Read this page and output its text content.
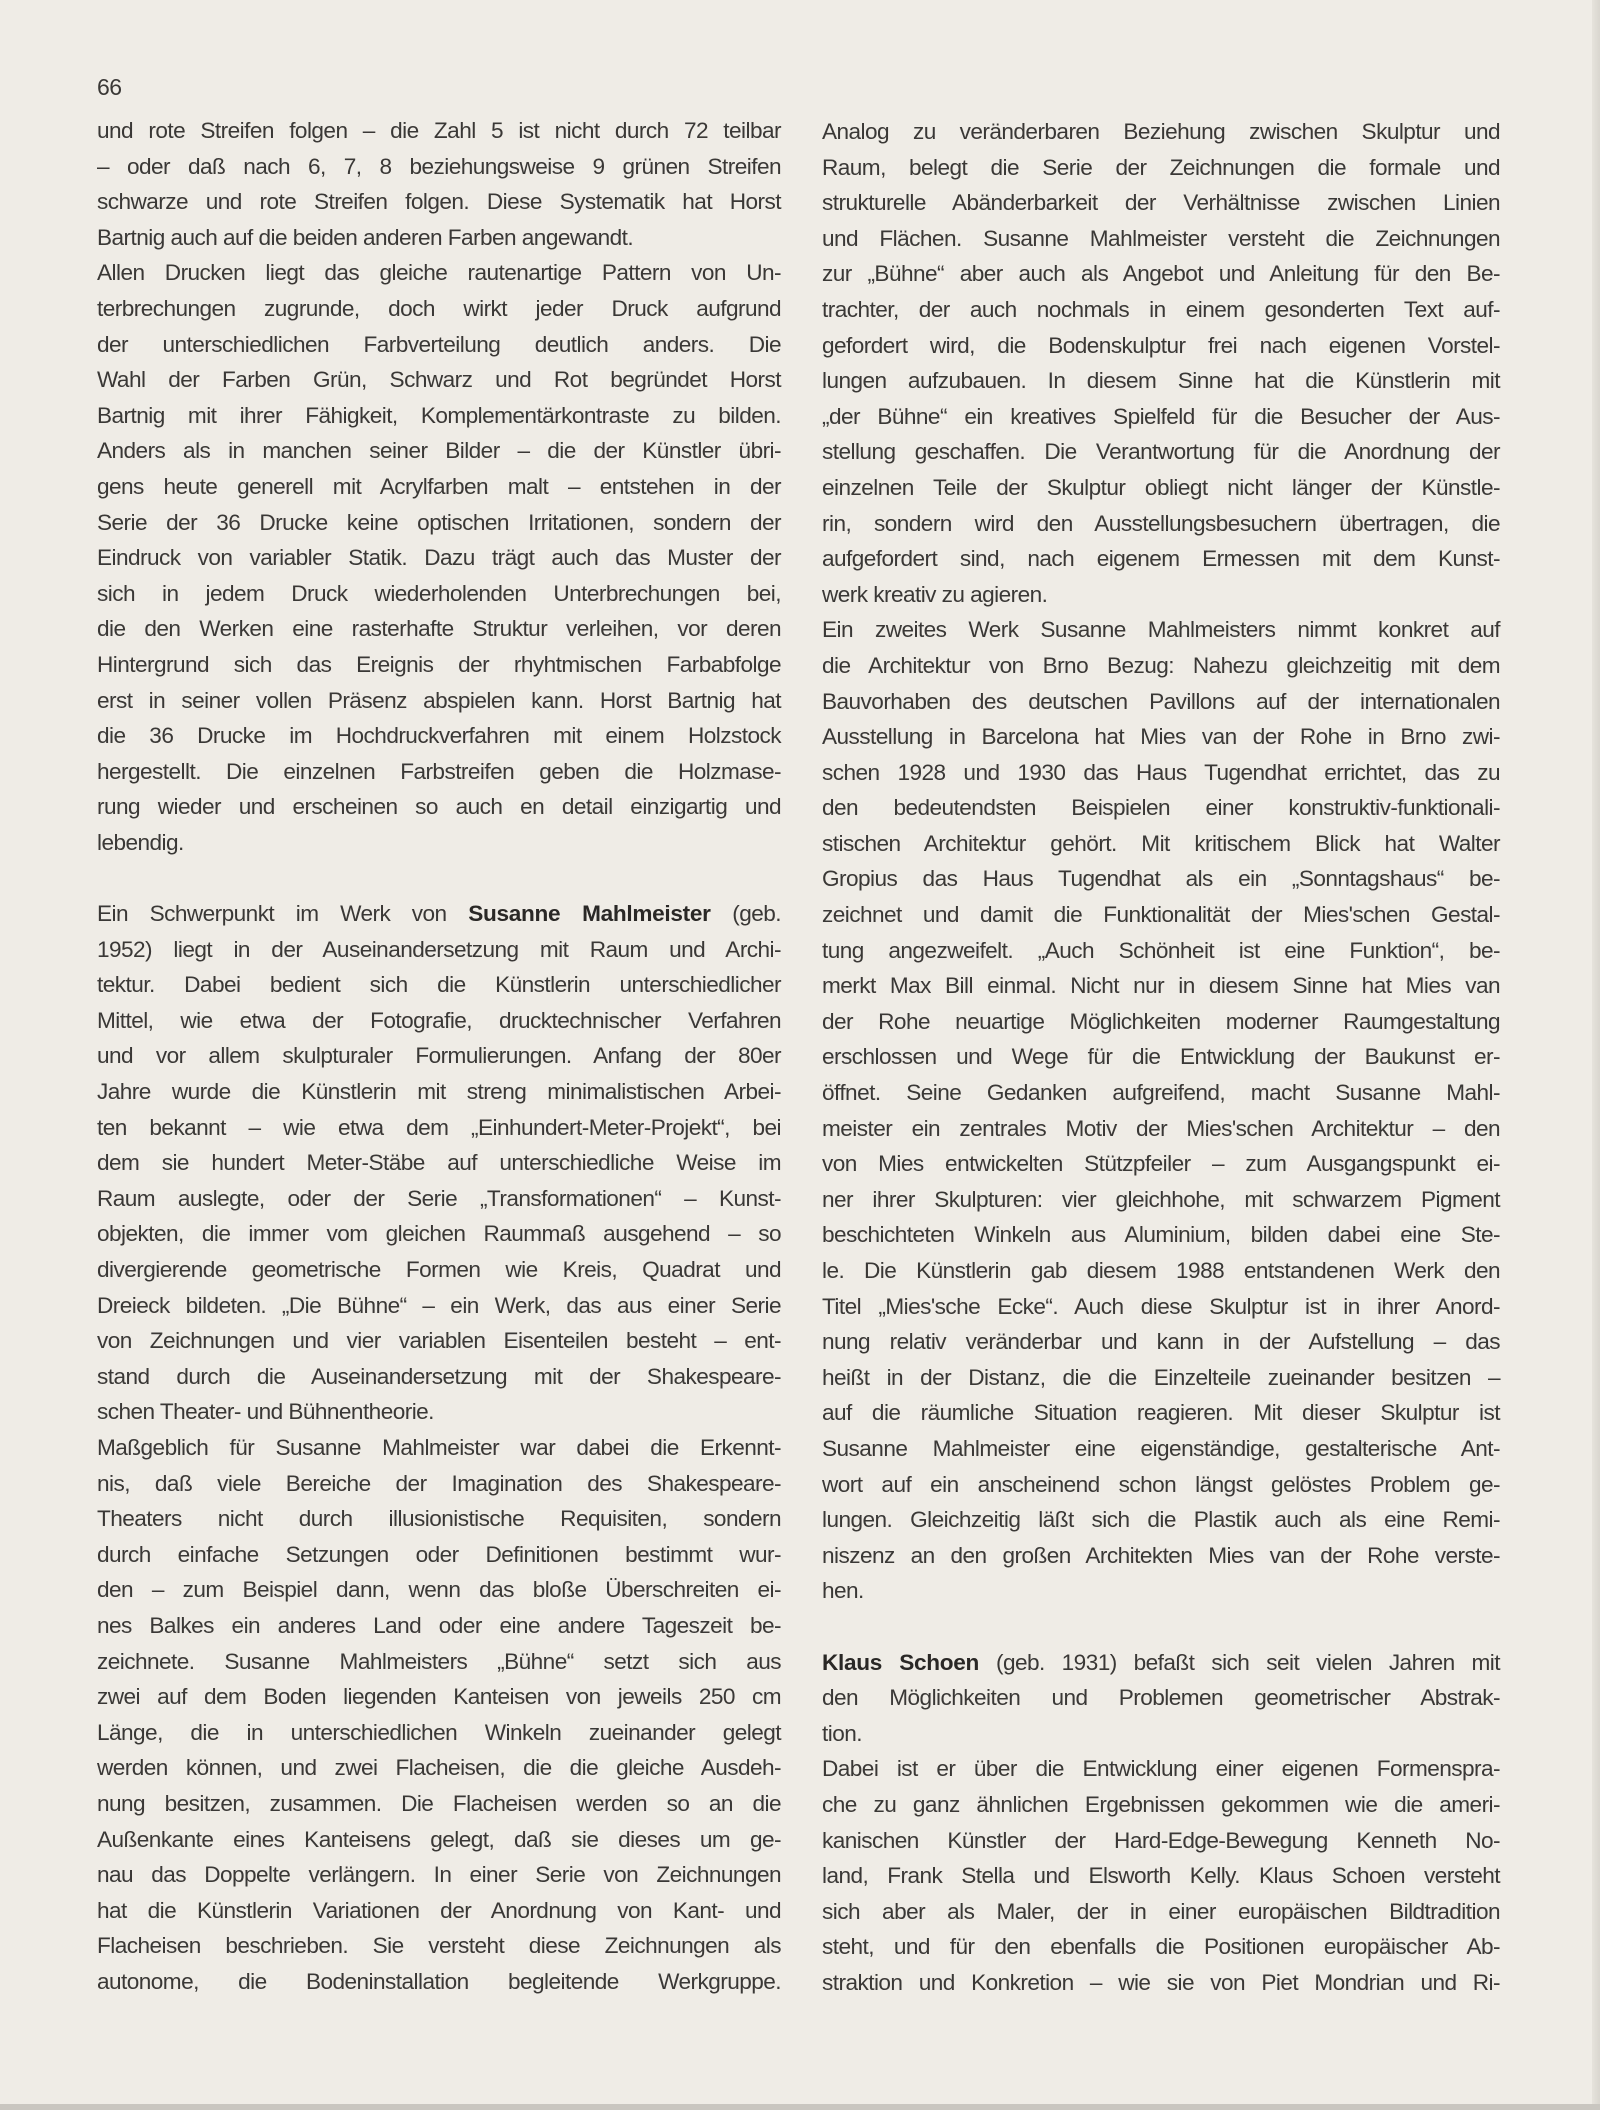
66
und rote Streifen folgen – die Zahl 5 ist nicht durch 72 teilbar
– oder daß nach 6, 7, 8 beziehungsweise 9 grünen Streifen
schwarze und rote Streifen folgen. Diese Systematik hat Horst
Bartnig auch auf die beiden anderen Farben angewandt.
Allen Drucken liegt das gleiche rautenartige Pattern von Un-
terbrechungen zugrunde, doch wirkt jeder Druck aufgrund
der unterschiedlichen Farbverteilung deutlich anders. Die
Wahl der Farben Grün, Schwarz und Rot begründet Horst
Bartnig mit ihrer Fähigkeit, Komplementärkontraste zu bilden.
Anders als in manchen seiner Bilder – die der Künstler übri-
gens heute generell mit Acrylfarben malt – entstehen in der
Serie der 36 Drucke keine optischen Irritationen, sondern der
Eindruck von variabler Statik. Dazu trägt auch das Muster der
sich in jedem Druck wiederholenden Unterbrechungen bei,
die den Werken eine rasterhafte Struktur verleihen, vor deren
Hintergrund sich das Ereignis der rhyhtmischen Farbabfolge
erst in seiner vollen Präsenz abspielen kann. Horst Bartnig hat
die 36 Drucke im Hochdruckverfahren mit einem Holzstock
hergestellt. Die einzelnen Farbstreifen geben die Holzmase-
rung wieder und erscheinen so auch en detail einzigartig und
lebendig.
Ein Schwerpunkt im Werk von Susanne Mahlmeister (geb.
1952) liegt in der Auseinandersetzung mit Raum und Archi-
tektur. Dabei bedient sich die Künstlerin unterschiedlicher
Mittel, wie etwa der Fotografie, drucktechnischer Verfahren
und vor allem skulpturaler Formulierungen. Anfang der 80er
Jahre wurde die Künstlerin mit streng minimalistischen Arbei-
ten bekannt – wie etwa dem „Einhundert-Meter-Projekt“, bei
dem sie hundert Meter-Stäbe auf unterschiedliche Weise im
Raum auslegte, oder der Serie „Transformationen“ – Kunst-
objekten, die immer vom gleichen Raummaß ausgehend – so
divergierende geometrische Formen wie Kreis, Quadrat und
Dreieck bildeten. „Die Bühne“ – ein Werk, das aus einer Serie
von Zeichnungen und vier variablen Eisenteilen besteht – ent-
stand durch die Auseinandersetzung mit der Shakespeare-
schen Theater- und Bühnentheorie.
Maßgeblich für Susanne Mahlmeister war dabei die Erkennt-
nis, daß viele Bereiche der Imagination des Shakespeare-
Theaters nicht durch illusionistische Requisiten, sondern
durch einfache Setzungen oder Definitionen bestimmt wur-
den – zum Beispiel dann, wenn das bloße Überschreiten ei-
nes Balkes ein anderes Land oder eine andere Tageszeit be-
zeichnete. Susanne Mahlmeisters „Bühne“ setzt sich aus
zwei auf dem Boden liegenden Kanteisen von jeweils 250 cm
Länge, die in unterschiedlichen Winkeln zueinander gelegt
werden können, und zwei Flacheisen, die die gleiche Ausdeh-
nung besitzen, zusammen. Die Flacheisen werden so an die
Außenkante eines Kanteisens gelegt, daß sie dieses um ge-
nau das Doppelte verlängern. In einer Serie von Zeichnungen
hat die Künstlerin Variationen der Anordnung von Kant- und
Flacheisen beschrieben. Sie versteht diese Zeichnungen als
autonome, die Bodeninstallation begleitende Werkgruppe.
Analog zu veränderbaren Beziehung zwischen Skulptur und
Raum, belegt die Serie der Zeichnungen die formale und
strukturelle Abänderbarkeit der Verhältnisse zwischen Linien
und Flächen. Susanne Mahlmeister versteht die Zeichnungen
zur „Bühne“ aber auch als Angebot und Anleitung für den Be-
trachter, der auch nochmals in einem gesonderten Text auf-
gefordert wird, die Bodenskulptur frei nach eigenen Vorstel-
lungen aufzubauen. In diesem Sinne hat die Künstlerin mit
„der Bühne“ ein kreatives Spielfeld für die Besucher der Aus-
stellung geschaffen. Die Verantwortung für die Anordnung der
einzelnen Teile der Skulptur obliegt nicht länger der Künstle-
rin, sondern wird den Ausstellungsbesuchern übertragen, die
aufgefordert sind, nach eigenem Ermessen mit dem Kunst-
werk kreativ zu agieren.
Ein zweites Werk Susanne Mahlmeisters nimmt konkret auf
die Architektur von Brno Bezug: Nahezu gleichzeitig mit dem
Bauvorhaben des deutschen Pavillons auf der internationalen
Ausstellung in Barcelona hat Mies van der Rohe in Brno zwi-
schen 1928 und 1930 das Haus Tugendhat errichtet, das zu
den bedeutendsten Beispielen einer konstruktiv-funktionali-
stischen Architektur gehört. Mit kritischem Blick hat Walter
Gropius das Haus Tugendhat als ein „Sonntagshaus“ be-
zeichnet und damit die Funktionalität der Mies'schen Gestal-
tung angezweifelt. „Auch Schönheit ist eine Funktion“, be-
merkt Max Bill einmal. Nicht nur in diesem Sinne hat Mies van
der Rohe neuartige Möglichkeiten moderner Raumgestaltung
erschlossen und Wege für die Entwicklung der Baukunst er-
öffnet. Seine Gedanken aufgreifend, macht Susanne Mahl-
meister ein zentrales Motiv der Mies'schen Architektur – den
von Mies entwickelten Stützpfeiler – zum Ausgangspunkt ei-
ner ihrer Skulpturen: vier gleichhohe, mit schwarzem Pigment
beschichteten Winkeln aus Aluminium, bilden dabei eine Ste-
le. Die Künstlerin gab diesem 1988 entstandenen Werk den
Titel „Mies'sche Ecke“. Auch diese Skulptur ist in ihrer Anord-
nung relativ veränderbar und kann in der Aufstellung – das
heißt in der Distanz, die die Einzelteile zueinander besitzen –
auf die räumliche Situation reagieren. Mit dieser Skulptur ist
Susanne Mahlmeister eine eigenständige, gestalterische Ant-
wort auf ein anscheinend schon längst gelöstes Problem ge-
lungen. Gleichzeitig läßt sich die Plastik auch als eine Remi-
niszenz an den großen Architekten Mies van der Rohe verste-
hen.
Klaus Schoen (geb. 1931) befaßt sich seit vielen Jahren mit
den Möglichkeiten und Problemen geometrischer Abstrak-
tion.
Dabei ist er über die Entwicklung einer eigenen Formenspra-
che zu ganz ähnlichen Ergebnissen gekommen wie die ameri-
kanischen Künstler der Hard-Edge-Bewegung Kenneth No-
land, Frank Stella und Elsworth Kelly. Klaus Schoen versteht
sich aber als Maler, der in einer europäischen Bildtradition
steht, und für den ebenfalls die Positionen europäischer Ab-
straktion und Konkretion – wie sie von Piet Mondrian und Ri-
